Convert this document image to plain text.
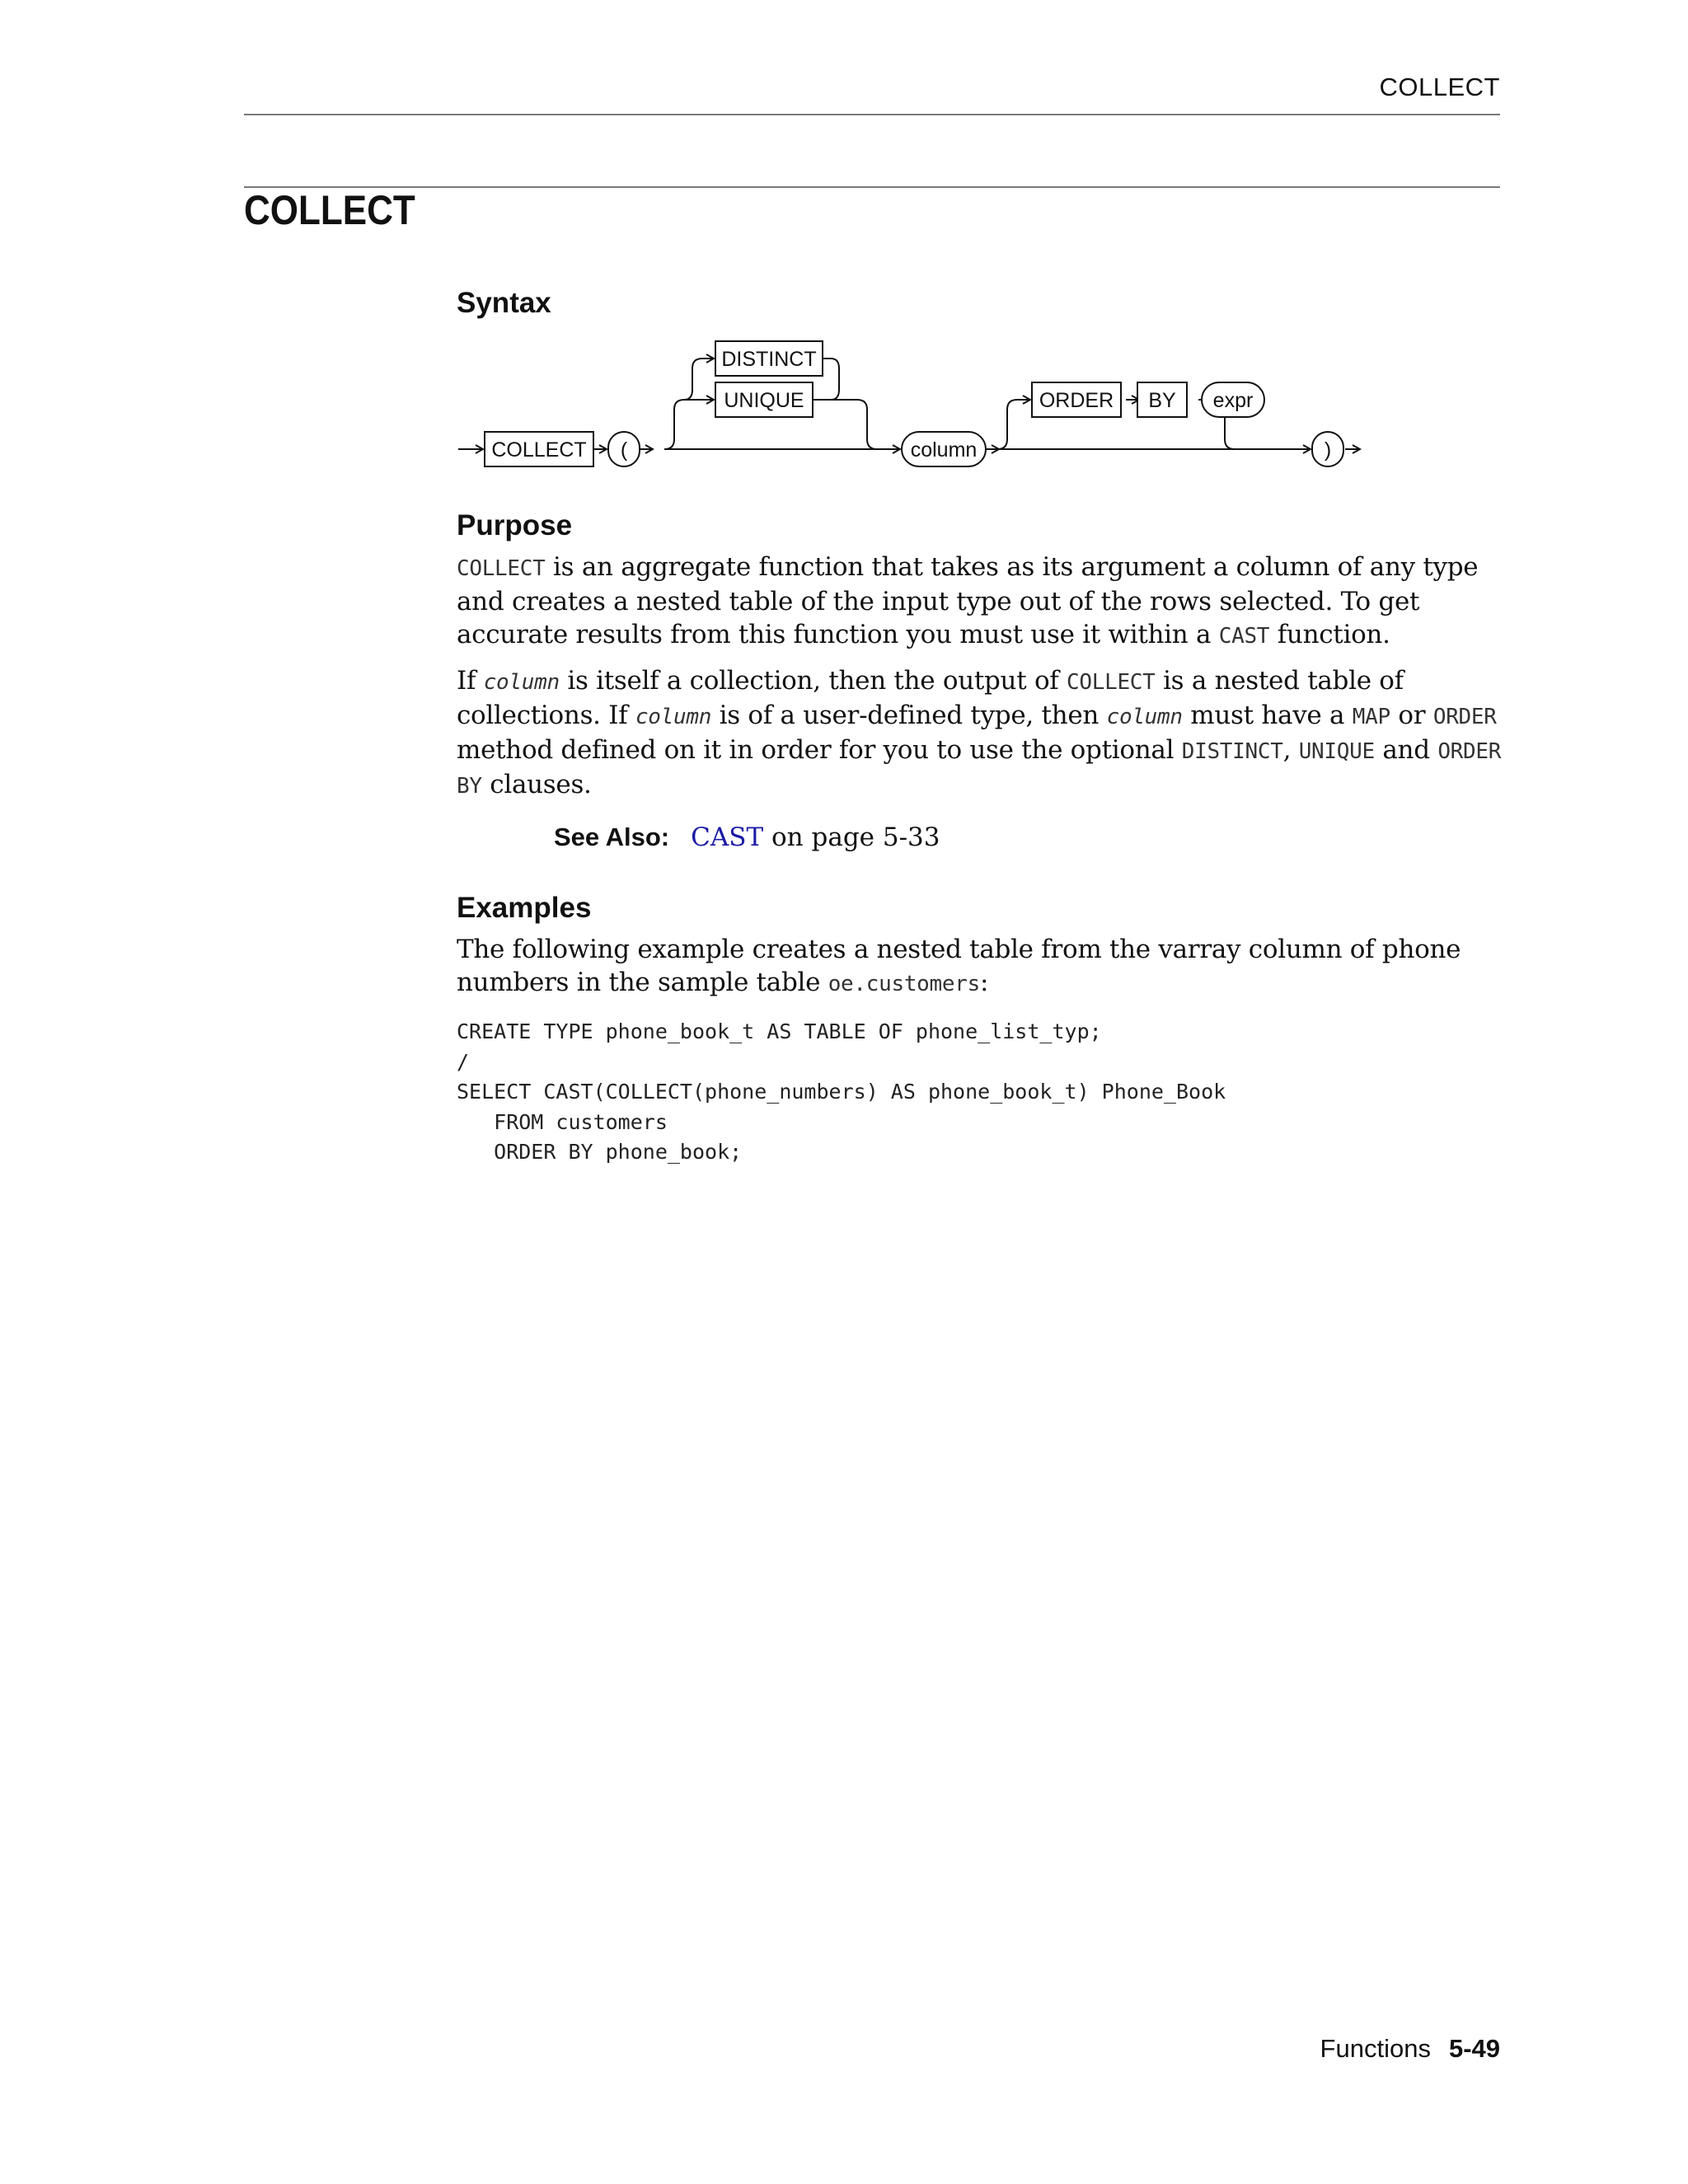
COLLECT
COLLECT
Syntax
COLLECT (
DISTINCT
UNIQUE
column
ORDER BY expr
)
Purpose

COLLECT is an aggregate function that takes as its argument a column of any type and creates a nested table of the input type out of the rows selected. To get accurate results from this function you must use it within a CAST function.

If column is itself a collection, then the output of COLLECT is a nested table of collections. If column is of a user-defined type, then column must have a MAP or ORDER method defined on it in order for you to use the optional DISTINCT, UNIQUE and ORDER BY clauses.

See Also: CAST on page 5-33
Examples

The following example creates a nested table from the varray column of phone numbers in the sample table oe.customers:

CREATE TYPE phone_book_t AS TABLE OF phone_list_typ;
/
SELECT CAST(COLLECT(phone_numbers) AS phone_book_t) Phone_Book
FROM customers
ORDER BY phone_book;
Functions 5-49
